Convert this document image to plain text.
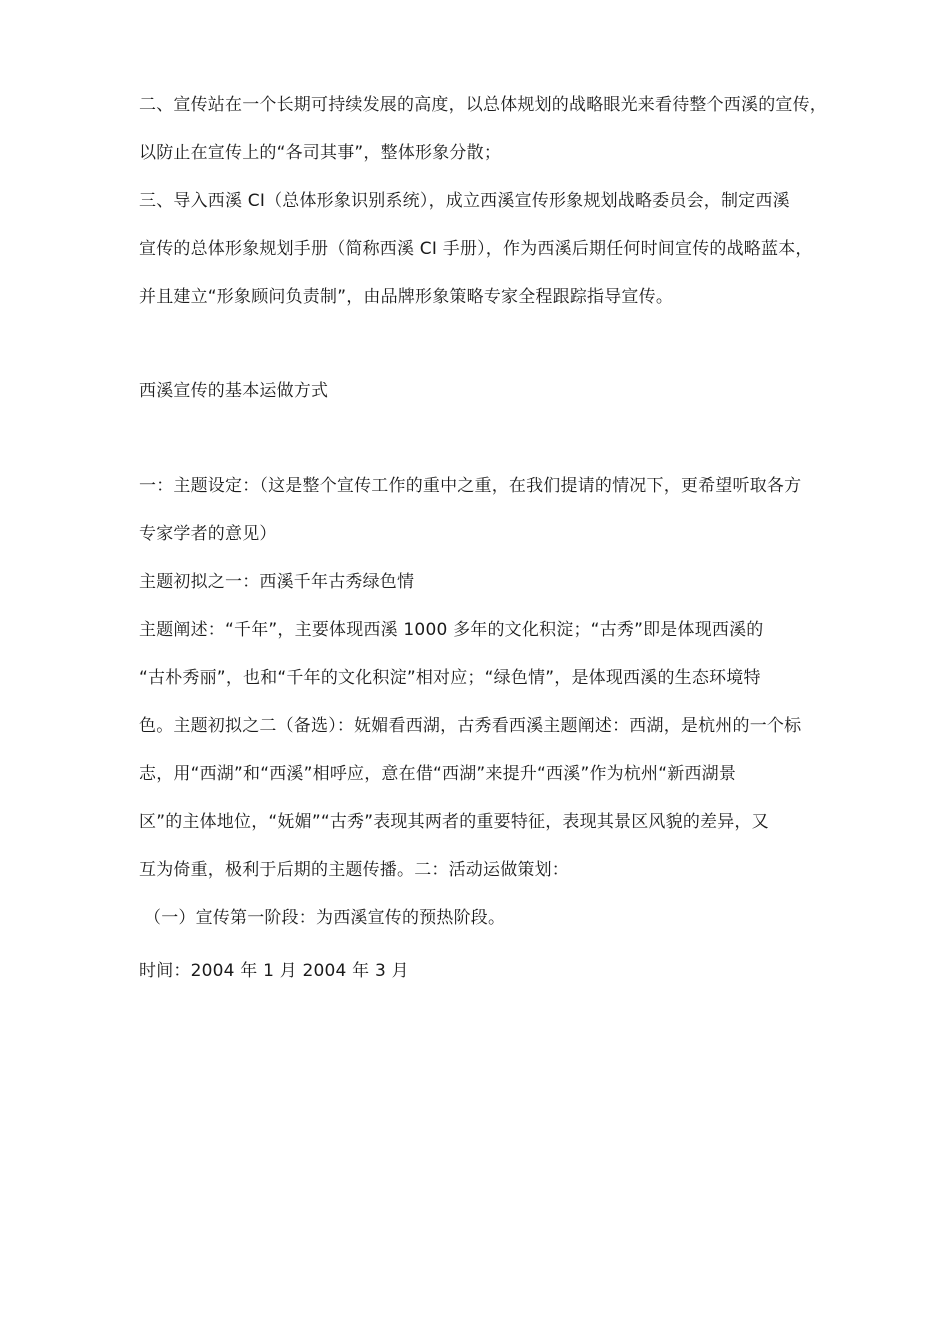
二、宣传站在一个长期可持续发展的高度，以总体规划的战略眼光来看待整个西溪的宣传，
以防止在宣传上的“各司其事”，整体形象分散；
三、导入西溪 CI（总体形象识别系统），成立西溪宣传形象规划战略委员会，制定西溪
宣传的总体形象规划手册（简称西溪 CI 手册），作为西溪后期任何时间宣传的战略蓝本，
并且建立“形象顾问负责制”，由品牌形象策略专家全程跟踪指导宣传。
西溪宣传的基本运做方式
一：主题设定：（这是整个宣传工作的重中之重，在我们提请的情况下，更希望听取各方
专家学者的意见）
主题初拟之一：西溪千年古秀绿色情
主题阐述：“千年”，主要体现西溪 1000 多年的文化积淀；“古秀”即是体现西溪的
“古朴秀丽”，也和“千年的文化积淀”相对应；“绿色情”，是体现西溪的生态环境特
色。主题初拟之二（备选）：妩媚看西湖，古秀看西溪主题阐述：西湖，是杭州的一个标
志，用“西湖”和“西溪”相呼应，意在借“西湖”来提升“西溪”作为杭州“新西湖景
区”的主体地位，“妩媚”“古秀”表现其两者的重要特征，表现其景区风貌的差异，又
互为倚重，极利于后期的主题传播。二：活动运做策划：
（一）宣传第一阶段：为西溪宣传的预热阶段。
时间：2004 年 1 月 2004 年 3 月
